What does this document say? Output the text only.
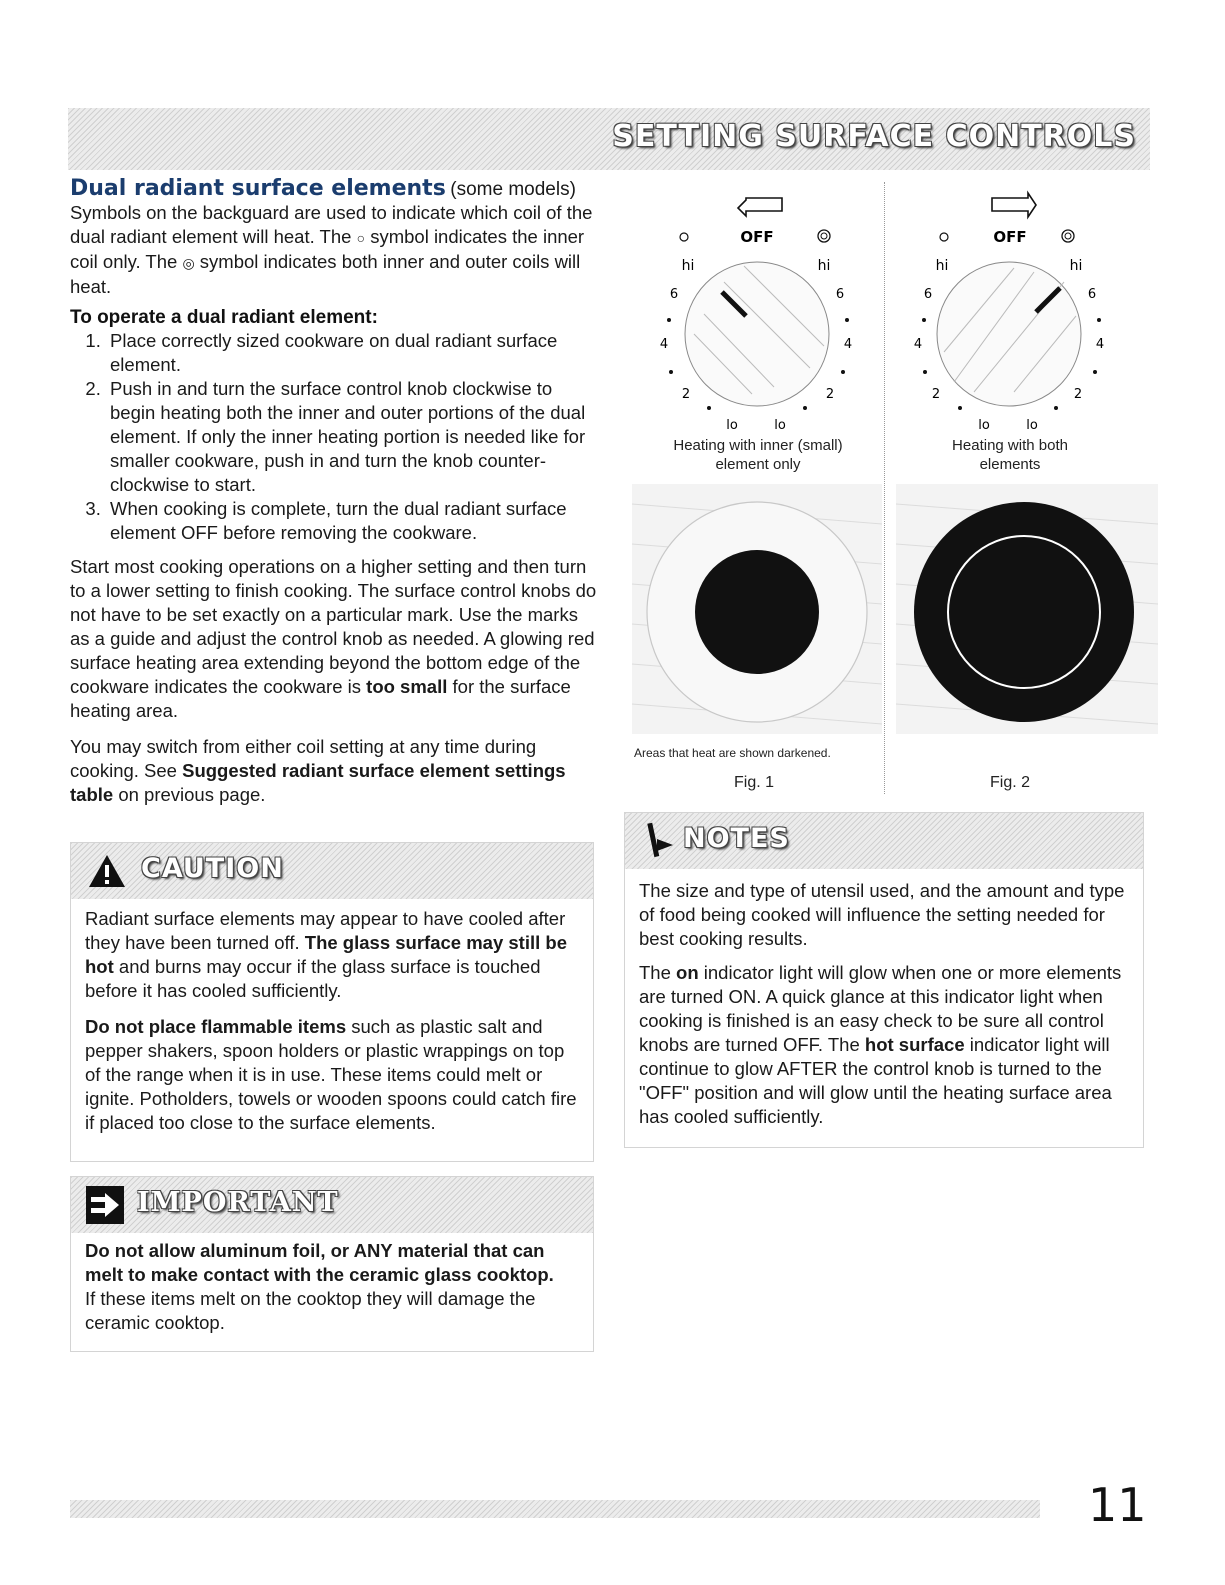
SETTING SURFACE CONTROLS
Dual radiant surface elements (some models)

Symbols on the backguard are used to indicate which coil of the dual radiant element will heat. The ○ symbol indicates the inner coil only. The ◎ symbol indicates both inner and outer coils will heat.

To operate a dual radiant element:
1. Place correctly sized cookware on dual radiant surface element.
2. Push in and turn the surface control knob clockwise to begin heating both the inner and outer portions of the dual element. If only the inner heating portion is needed like for smaller cookware, push in and turn the knob counter-clockwise to start.
3. When cooking is complete, turn the dual radiant surface element OFF before removing the cookware.

Start most cooking operations on a higher setting and then turn to a lower setting to finish cooking. The surface control knobs do not have to be set exactly on a particular mark. Use the marks as a guide and adjust the control knob as needed. A glowing red surface heating area extending beyond the bottom edge of the cookware indicates the cookware is too small for the surface heating area.

You may switch from either coil setting at any time during cooking. See Suggested radiant surface element settings table on previous page.

CAUTION

Radiant surface elements may appear to have cooled after they have been turned off. The glass surface may still be hot and burns may occur if the glass surface is touched before it has cooled sufficiently.

Do not place flammable items such as plastic salt and pepper shakers, spoon holders or plastic wrappings on top of the range when it is in use. These items could melt or ignite. Potholders, towels or wooden spoons could catch fire if placed too close to the surface elements.

IMPORTANT

Do not allow aluminum foil, or ANY material that can melt to make contact with the ceramic glass cooktop.

If these items melt on the cooktop they will damage the ceramic cooktop.

OFF
hi	hi
6	6
4	4
2	2
lo	lo
Heating with inner (small)
element only
OFF
hi	hi
6	6
4	4
2	2
lo	lo
Heating with both
elements
Areas that heat are shown darkened.
Fig. 1	Fig. 2
NOTES

The size and type of utensil used, and the amount and type of food being cooked will influence the setting needed for best cooking results.

The on indicator light will glow when one or more elements are turned ON. A quick glance at this indicator light when cooking is finished is an easy check to be sure all control knobs are turned OFF. The hot surface indicator light will continue to glow AFTER the control knob is turned to the "OFF" position and will glow until the heating surface area has cooled sufficiently.

11
